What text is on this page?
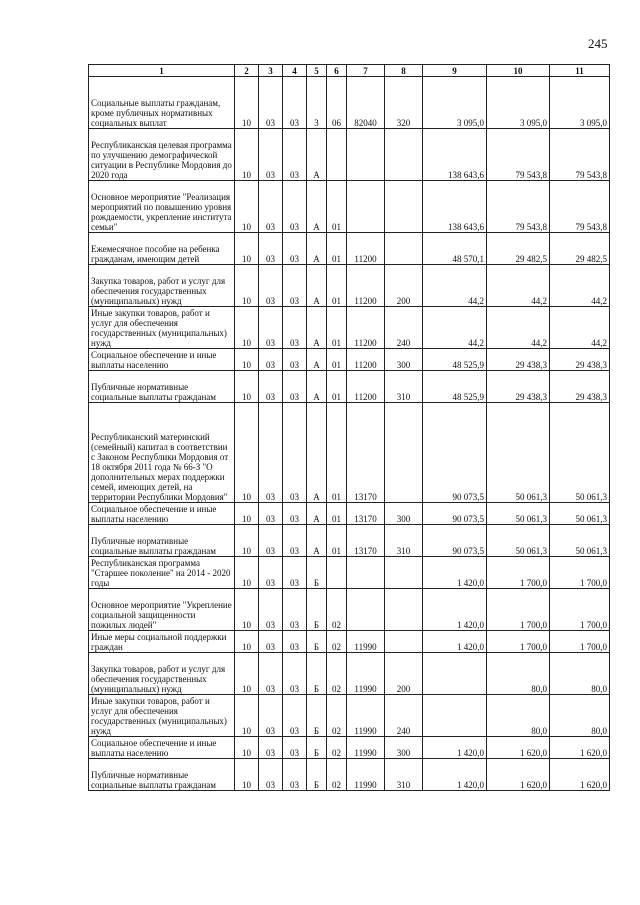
245
1	2	3	4	5	6	7	8	9	10	11
Социальные выплаты гражданам, кроме публичных нормативных социальных выплат	10	03	03	3	06	82040	320	3 095,0	3 095,0	3 095,0
Республиканская целевая программа по улучшению демографической ситуации в Республике Мордовия до 2020 года	10	03	03	А				138 643,6	79 543,8	79 543,8
Основное мероприятие "Реализация мероприятий по повышению уровня рождаемости, укрепление института семьи"	10	03	03	А	01			138 643,6	79 543,8	79 543,8
Ежемесячное пособие на ребенка гражданам, имеющим детей	10	03	03	А	01	11200		48 570,1	29 482,5	29 482,5
Закупка товаров, работ и услуг для обеспечения государственных (муниципальных) нужд	10	03	03	А	01	11200	200	44,2	44,2	44,2
Иные закупки товаров, работ и услуг для обеспечения государственных (муниципальных) нужд	10	03	03	А	01	11200	240	44,2	44,2	44,2
Социальное обеспечение и иные выплаты населению	10	03	03	А	01	11200	300	48 525,9	29 438,3	29 438,3
Публичные нормативные социальные выплаты гражданам	10	03	03	А	01	11200	310	48 525,9	29 438,3	29 438,3
Республиканский материнский (семейный) капитал в соответствии с Законом Республики Мордовия от 18 октября 2011 года № 66-З "О дополнительных мерах поддержки семей, имеющих детей, на территории Республики Мордовия"	10	03	03	А	01	13170		90 073,5	50 061,3	50 061,3
Социальное обеспечение и иные выплаты населению	10	03	03	А	01	13170	300	90 073,5	50 061,3	50 061,3
Публичные нормативные социальные выплаты гражданам	10	03	03	А	01	13170	310	90 073,5	50 061,3	50 061,3
Республиканская программа "Старшее поколение" на 2014 - 2020 годы	10	03	03	Б				1 420,0	1 700,0	1 700,0
Основное мероприятие "Укрепление социальной защищенности пожилых людей"	10	03	03	Б	02			1 420,0	1 700,0	1 700,0
Иные меры социальной поддержки граждан	10	03	03	Б	02	11990		1 420,0	1 700,0	1 700,0
Закупка товаров, работ и услуг для обеспечения государственных (муниципальных) нужд	10	03	03	Б	02	11990	200		80,0	80,0
Иные закупки товаров, работ и услуг для обеспечения государственных (муниципальных) нужд	10	03	03	Б	02	11990	240		80,0	80,0
Социальное обеспечение и иные выплаты населению	10	03	03	Б	02	11990	300	1 420,0	1 620,0	1 620,0
Публичные нормативные социальные выплаты гражданам	10	03	03	Б	02	11990	310	1 420,0	1 620,0	1 620,0
